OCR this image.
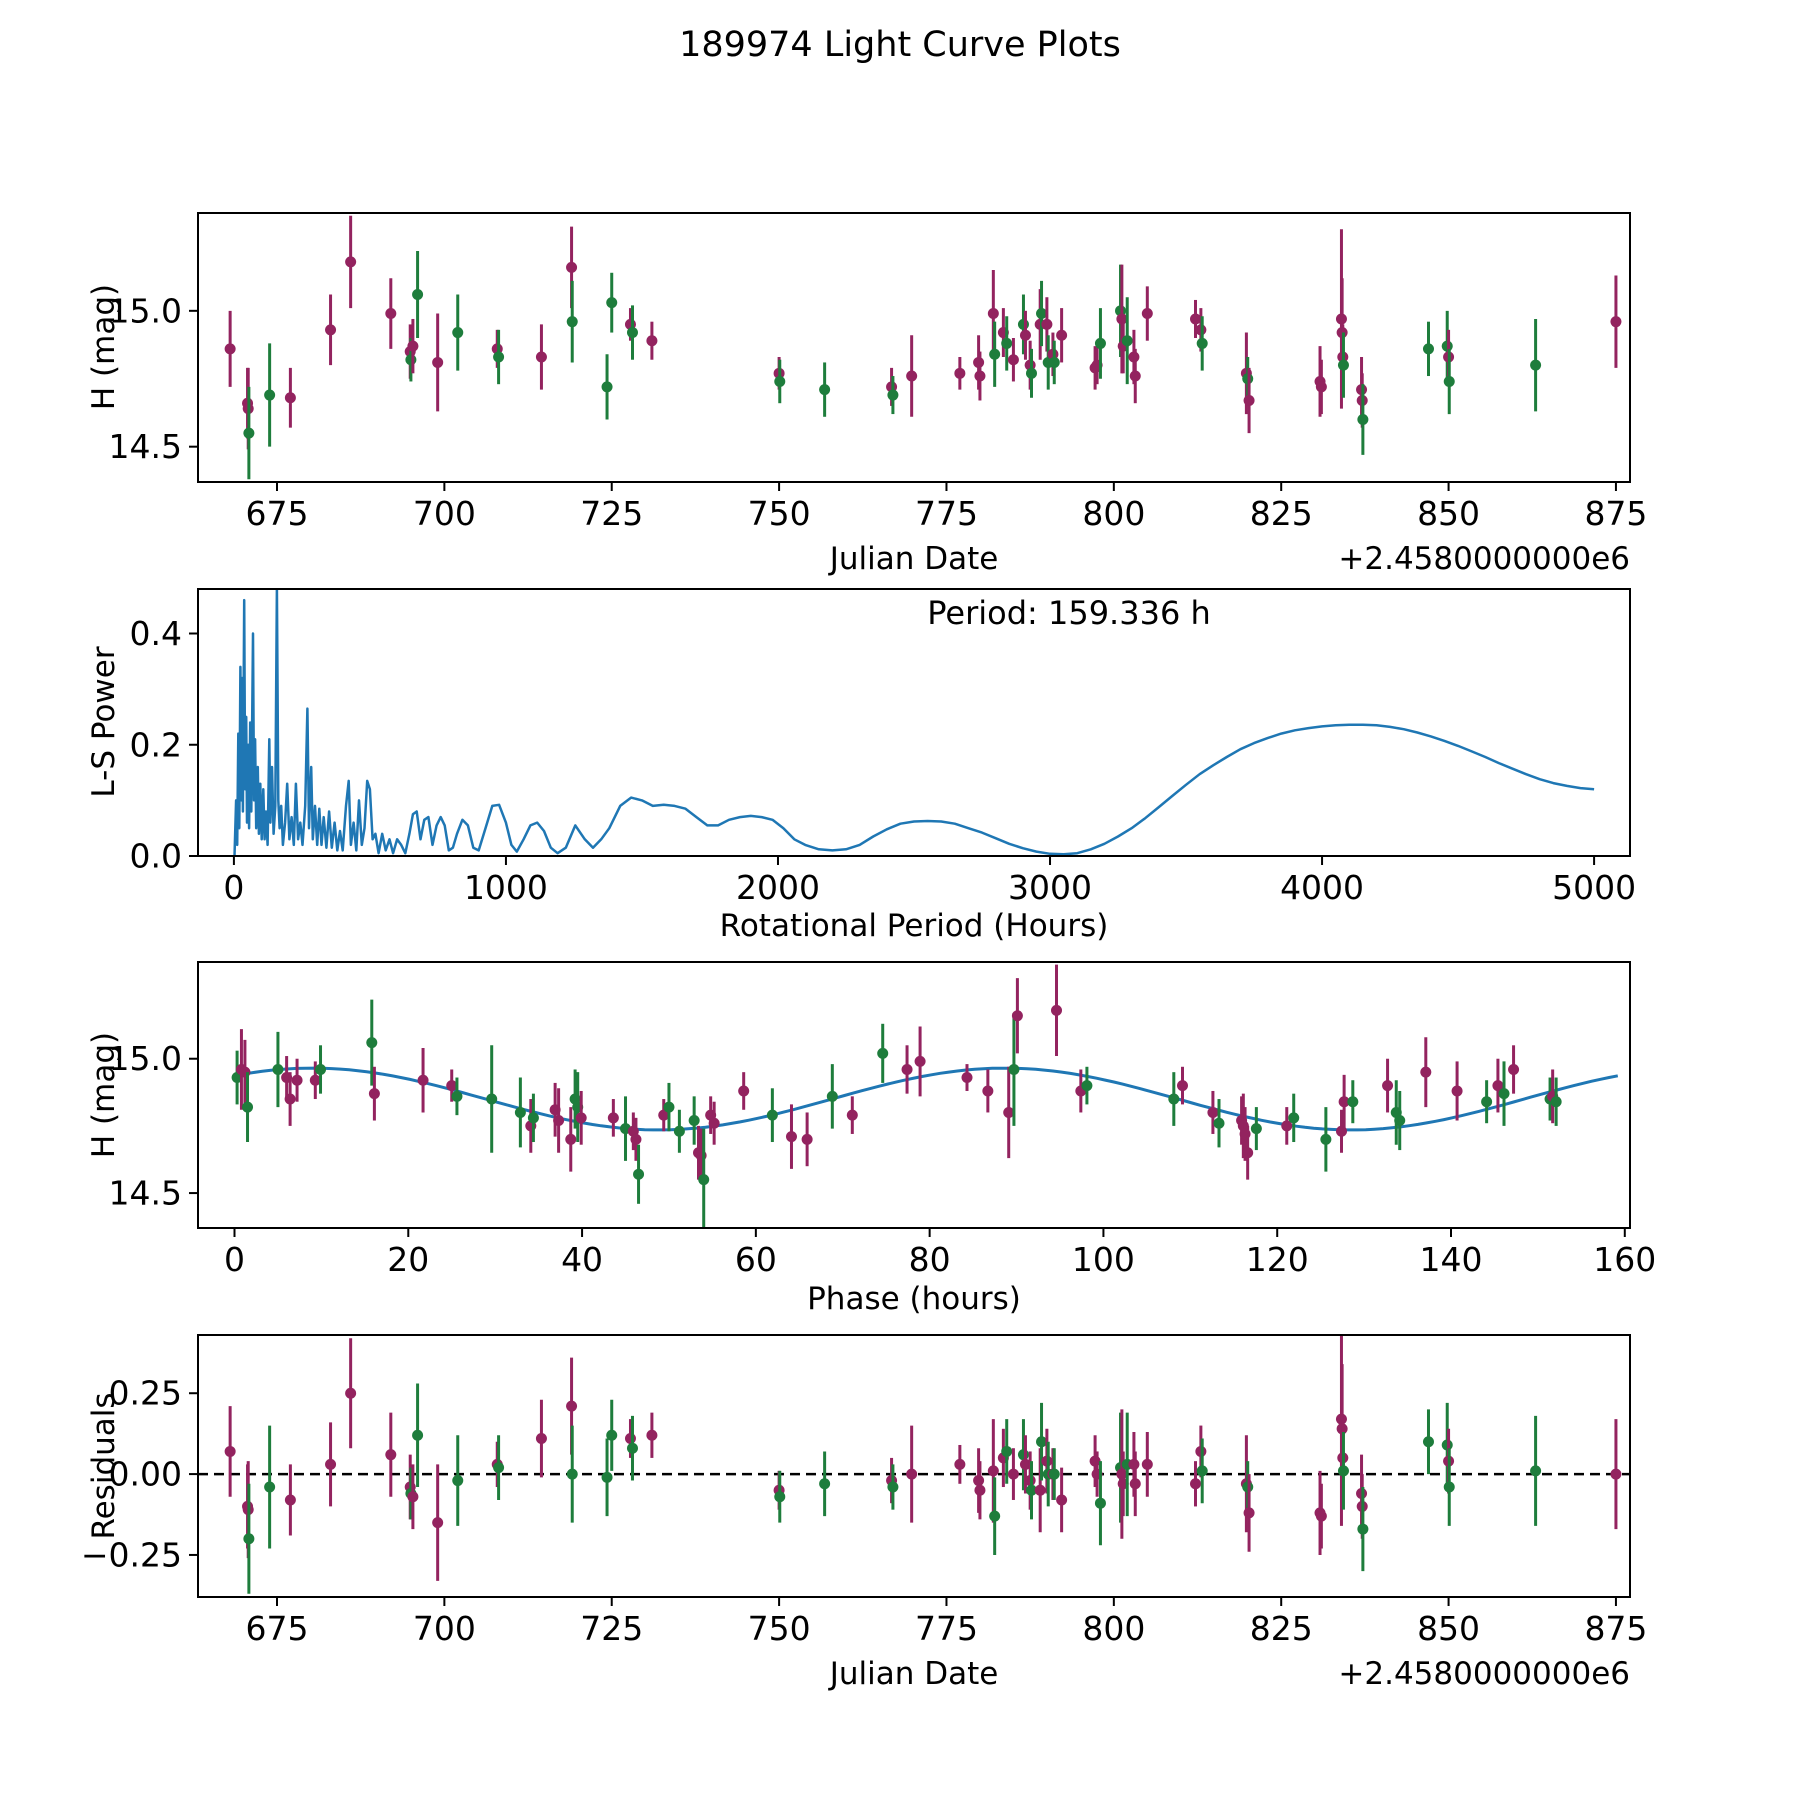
189974 Light Curve Plots
675	700	725	750	775	800	825	850	875
14.5
15.0
0	1000	2000	3000	4000	5000
0.0
0.2
0.4
0	20	40	60	80	100	120	140	160
14.5
15.0
675	700	725	750	775	800	825	850	875
−0.25
0.00
0.25
H (mag)
Julian Date	+2.4580000000e6
L-S Power
Rotational Period (Hours)
Period: 159.336 h
H (mag)
Phase (hours)
Residuals
Julian Date	+2.4580000000e6
